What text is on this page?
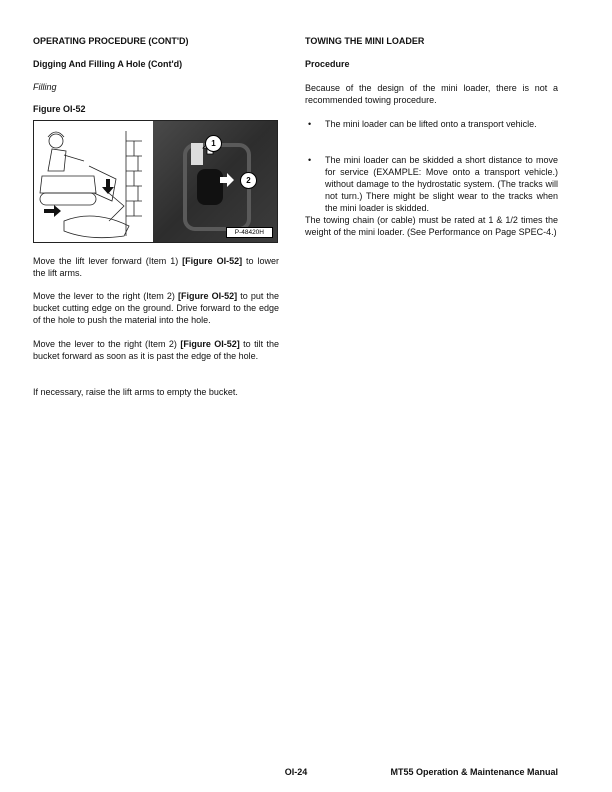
OPERATING PROCEDURE (CONT'D)
Digging And Filling A Hole (Cont'd)
Filling
Figure OI-52
1
2
P-48420H

Move the lift lever forward (Item 1) [Figure OI-52] to lower the lift arms.

Move the lever to the right (Item 2) [Figure OI-52] to put the bucket cutting edge on the ground. Drive forward to the edge of the hole to push the material into the hole.

Move the lever to the right (Item 2) [Figure OI-52] to tilt the bucket forward as soon as it is past the edge of the hole.

If necessary, raise the lift arms to empty the bucket.

TOWING THE MINI LOADER
Procedure

Because of the design of the mini loader, there is not a recommended towing procedure.

• The mini loader can be lifted onto a transport vehicle.

• The mini loader can be skidded a short distance to move for service (EXAMPLE: Move onto a transport vehicle.) without damage to the hydrostatic system. (The tracks will not turn.) There might be slight wear to the tracks when the mini loader is skidded.

The towing chain (or cable) must be rated at 1 & 1/2 times the weight of the mini loader. (See Performance on Page SPEC-4.)

OI-24	MT55 Operation & Maintenance Manual
